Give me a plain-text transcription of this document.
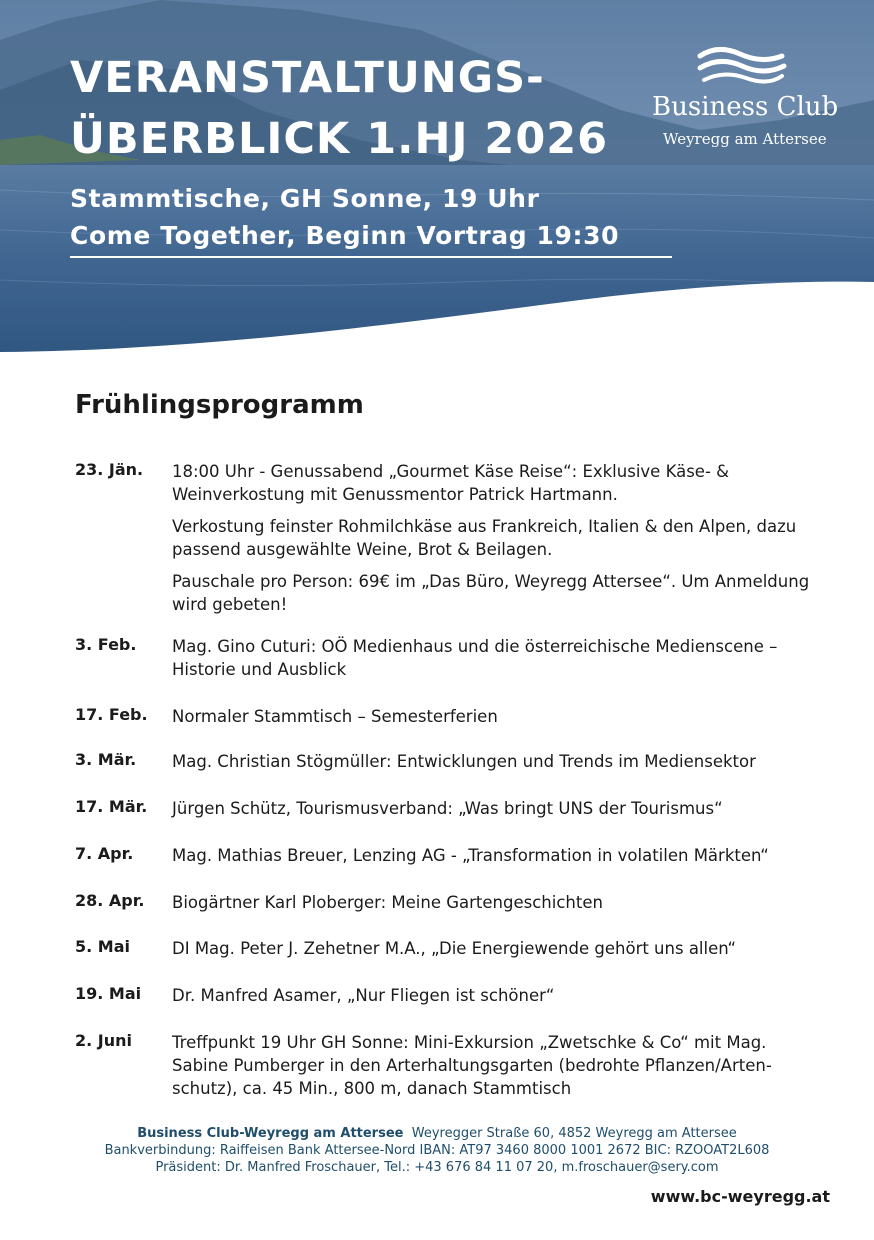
VERANSTALTUNGS-
ÜBERBLICK 1.HJ 2026
Stammtische, GH Sonne, 19 Uhr
Come Together, Beginn Vortrag 19:30
Business Club
Weyregg am Attersee
Frühlingsprogramm
23. Jän. 18:00 Uhr - Genussabend „Gourmet Käse Reise“: Exklusive Käse- & Weinverkostung mit Genussmentor Patrick Hartmann.

Verkostung feinster Rohmilchkäse aus Frankreich, Italien & den Alpen, dazu passend ausgewählte Weine, Brot & Beilagen.

Pauschale pro Person: 69€ im „Das Büro, Weyregg Attersee“. Um Anmeldung wird gebeten!

3. Feb. Mag. Gino Cuturi: OÖ Medienhaus und die österreichische Medienscene – Historie und Ausblick

17. Feb. Normaler Stammtisch – Semesterferien

3. Mär. Mag. Christian Stögmüller: Entwicklungen und Trends im Mediensektor

17. Mär. Jürgen Schütz, Tourismusverband: „Was bringt UNS der Tourismus“

7. Apr. Mag. Mathias Breuer, Lenzing AG - „Transformation in volatilen Märkten“

28. Apr. Biogärtner Karl Ploberger: Meine Gartengeschichten

5. Mai	DI Mag. Peter J. Zehetner M.A., „Die Energiewende gehört uns allen“

19. Mai Dr. Manfred Asamer, „Nur Fliegen ist schöner“

2. Juni Treffpunkt 19 Uhr GH Sonne: Mini-Exkursion „Zwetschke & Co“ mit Mag. Sabine Pumberger in den Arterhaltungsgarten (bedrohte Pflanzen/Arten-schutz), ca. 45 Min., 800 m, danach Stammtisch

Business Club-Weyregg am Attersee Weyregger Straße 60, 4852 Weyregg am Attersee
Bankverbindung: Raiffeisen Bank Attersee-Nord IBAN: AT97 3460 8000 1001 2672 BIC: RZOOAT2L608
Präsident: Dr. Manfred Froschauer, Tel.: +43 676 84 11 07 20, m.froschauer@sery.com
www.bc-weyregg.at
